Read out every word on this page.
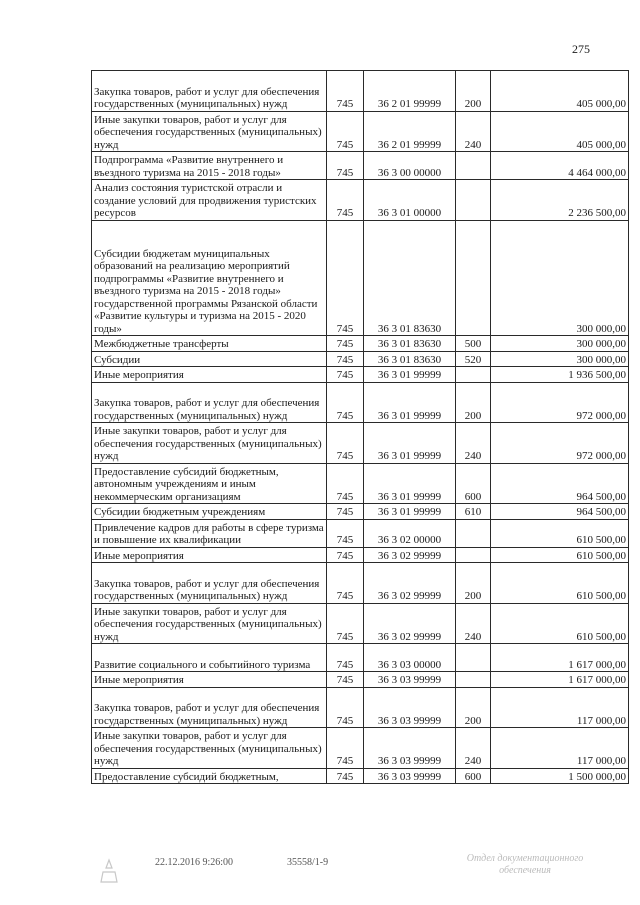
275
Закупка товаров, работ и услуг для обеспечения государственных (муниципальных) нужд	745	36 2 01 99999	200	405 000,00
Иные закупки товаров, работ и услуг для обеспечения государственных (муниципальных) нужд	745	36 2 01 99999	240	405 000,00
Подпрограмма «Развитие внутреннего и въездного туризма на 2015 - 2018 годы»	745	36 3 00 00000		4 464 000,00
Анализ состояния туристской отрасли и создание условий для продвижения туристских ресурсов	745	36 3 01 00000		2 236 500,00
Субсидии бюджетам муниципальных образований на реализацию мероприятий подпрограммы «Развитие внутреннего и въездного туризма на 2015 - 2018 годы» государственной программы Рязанской области «Развитие культуры и туризма на 2015 - 2020 годы»	745	36 3 01 83630		300 000,00
Межбюджетные трансферты	745	36 3 01 83630	500	300 000,00
Субсидии	745	36 3 01 83630	520	300 000,00
Иные мероприятия	745	36 3 01 99999		1 936 500,00
Закупка товаров, работ и услуг для обеспечения государственных (муниципальных) нужд	745	36 3 01 99999	200	972 000,00
Иные закупки товаров, работ и услуг для обеспечения государственных (муниципальных) нужд	745	36 3 01 99999	240	972 000,00
Предоставление субсидий бюджетным, автономным учреждениям и иным некоммерческим организациям	745	36 3 01 99999	600	964 500,00
Субсидии бюджетным учреждениям	745	36 3 01 99999	610	964 500,00
Привлечение кадров для работы в сфере туризма и повышение их квалификации	745	36 3 02 00000		610 500,00
Иные мероприятия	745	36 3 02 99999		610 500,00
Закупка товаров, работ и услуг для обеспечения государственных (муниципальных) нужд	745	36 3 02 99999	200	610 500,00
Иные закупки товаров, работ и услуг для обеспечения государственных (муниципальных) нужд	745	36 3 02 99999	240	610 500,00
Развитие социального и событийного туризма	745	36 3 03 00000		1 617 000,00
Иные мероприятия	745	36 3 03 99999		1 617 000,00
Закупка товаров, работ и услуг для обеспечения государственных (муниципальных) нужд	745	36 3 03 99999	200	117 000,00
Иные закупки товаров, работ и услуг для обеспечения государственных (муниципальных) нужд	745	36 3 03 99999	240	117 000,00
Предоставление субсидий бюджетным,	745	36 3 03 99999	600	1 500 000,00
22.12.2016 9:26:00	35558/1-9	Отдел документационного обеспечения
